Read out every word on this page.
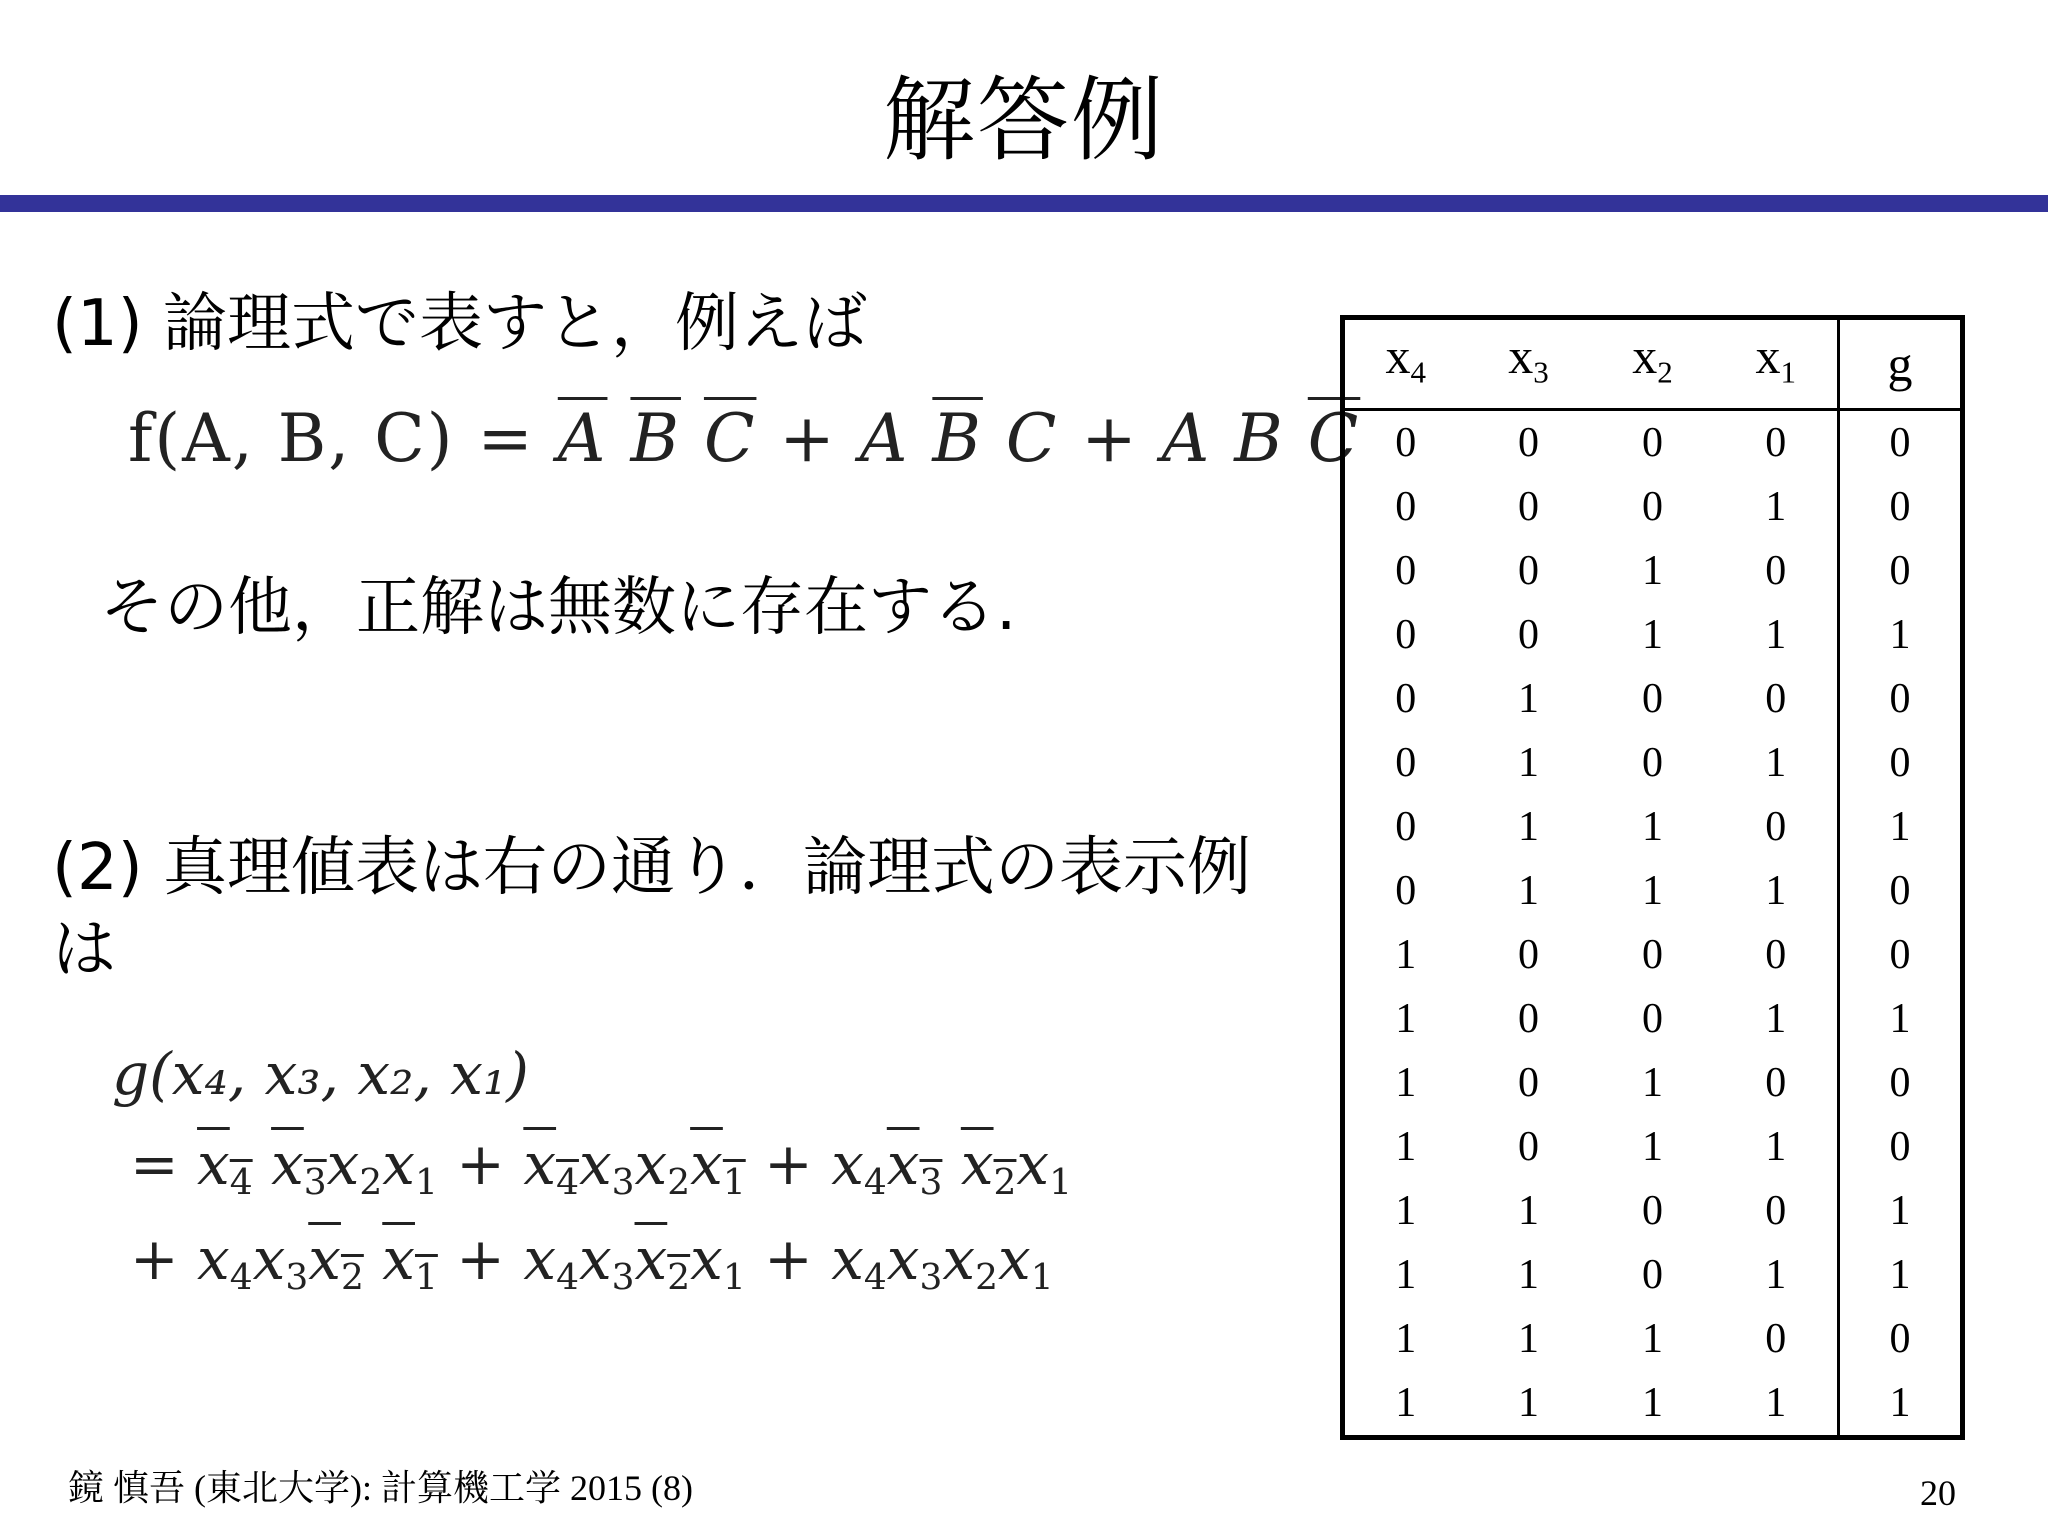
解答例
(1) 論理式で表すと，例えば
f(A, B, $C) = \overline{A}$ $\overline{B}$ $\overline{C} + A$ $\overline{B}$ C + A B $\overline{C}$
その他，正解は無数に存在する.
(2) 真理値表は右の通り．論理式の表示例
は
g(x₄, x₃, x₂, x₁)
= $x_4$ $x_3x_2x_1 + x_4x_3x_2x_1 + x_4x_3$ $x_2x_1$
+ $x_4x_3x_2$ $x_1 + x_4x_3x_2x_1 + x_4x_3x_2x_1$
x4	x3	x2	x1	g
0	0	0	0	0
0	0	0	1	0
0	0	1	0	0
0	0	1	1	1
0	1	0	0	0
0	1	0	1	0
0	1	1	0	1
0	1	1	1	0
1	0	0	0	0
1	0	0	1	1
1	0	1	0	0
1	0	1	1	0
1	1	0	0	1
1	1	0	1	1
1	1	1	0	0
1	1	1	1	1
鏡 慎吾 (東北大学): 計算機工学 2015 (8)	20
